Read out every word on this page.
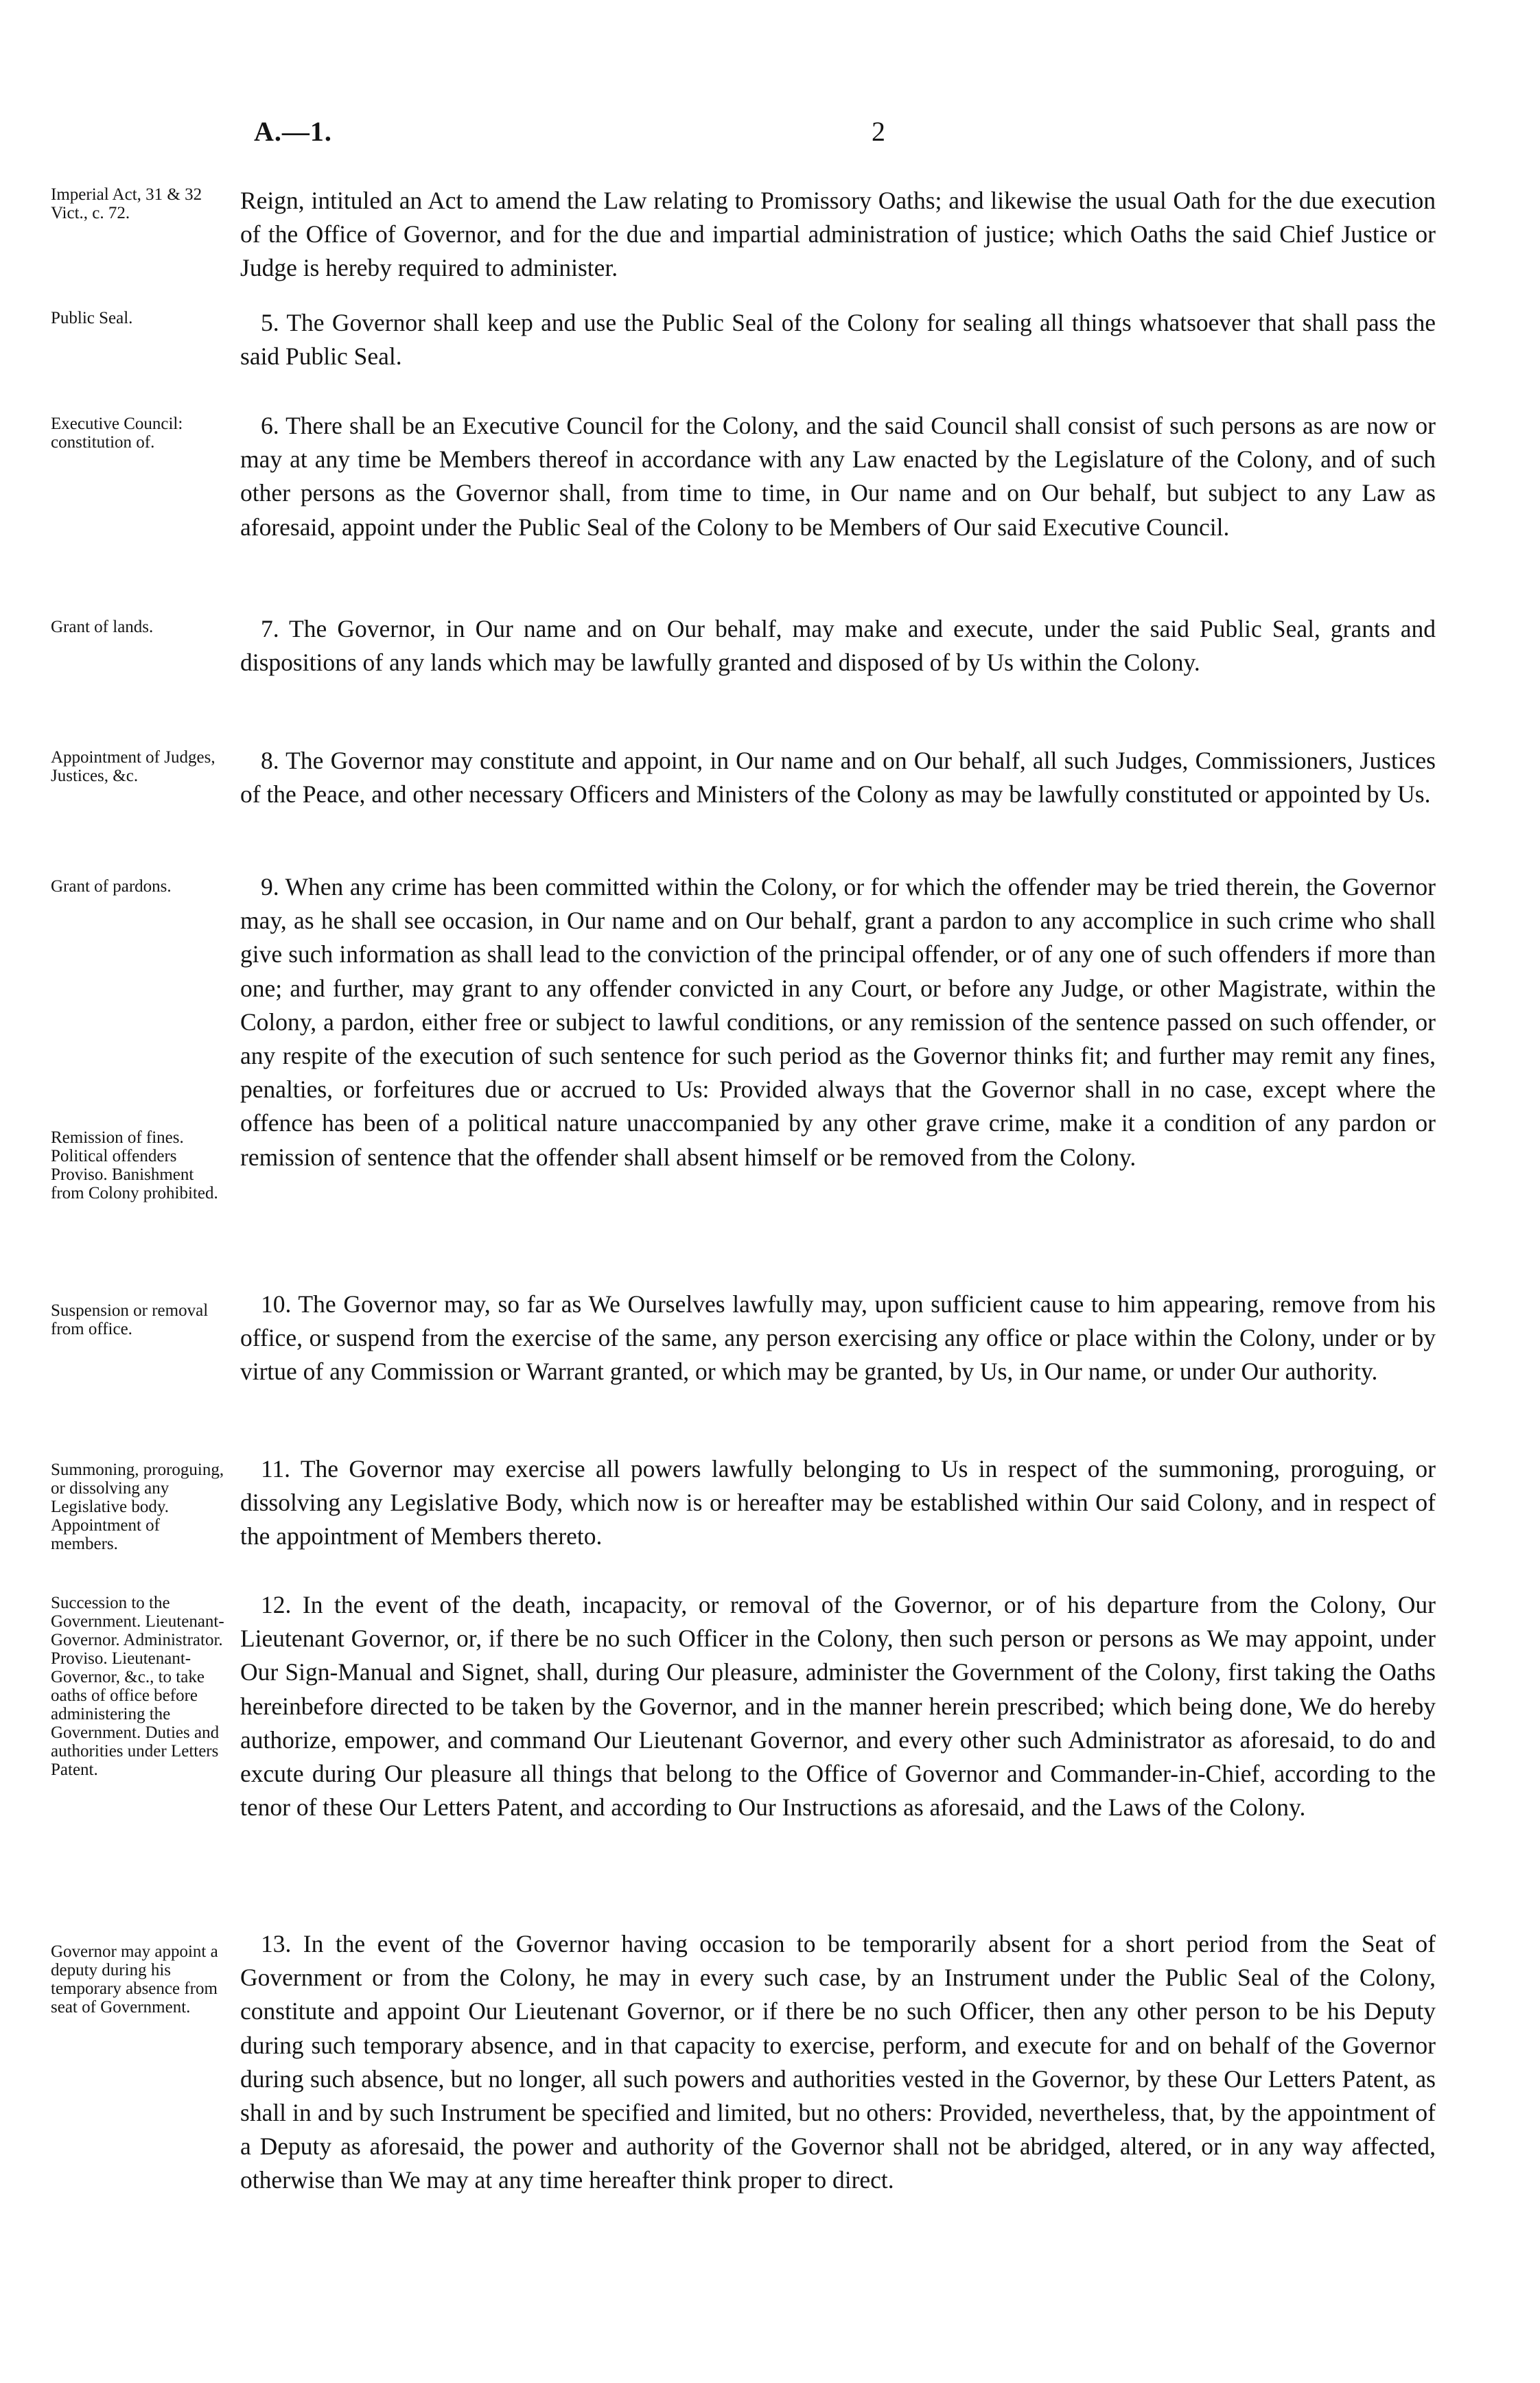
A.—1.	2
Imperial Act, 31 & 32 Vict., c. 72.	Reign, intituled an Act to amend the Law relating to Promissory Oaths; and likewise the usual Oath for the due execution of the Office of Governor, and for the due and impartial administration of justice; which Oaths the said Chief Justice or Judge is hereby required to administer.
Public Seal.	5. The Governor shall keep and use the Public Seal of the Colony for sealing all things whatsoever that shall pass the said Public Seal.
Executive Council: constitution of.
6. There shall be an Executive Council for the Colony, and the said Council shall consist of such persons as are now or may at any time be Members thereof in accordance with any Law enacted by the Legislature of the Colony, and of such other persons as the Governor shall, from time to time, in Our name and on Our behalf, but subject to any Law as aforesaid, appoint under the Public Seal of the Colony to be Members of Our said Executive Council.
Grant of lands.	7. The Governor, in Our name and on Our behalf, may make and execute, under the said Public Seal, grants and dispositions of any lands which may be lawfully granted and disposed of by Us within the Colony.
Appointment of Judges, Justices, &c.
8. The Governor may constitute and appoint, in Our name and on Our behalf, all such Judges, Commissioners, Justices of the Peace, and other necessary Officers and Ministers of the Colony as may be lawfully constituted or appointed by Us.
Grant of pardons.	9. When any crime has been committed within the Colony, or for which the offender may be tried therein, the Governor may, as he shall see occasion, in Our name and on Our behalf, grant a pardon to any accomplice in such crime who shall give such information as shall lead to the conviction of the principal offender, or of any one of such offenders if more than one; and further, may grant to any offender convicted in any Court, or before any Judge, or other Magistrate, within the Colony, a pardon, either free or subject to lawful conditions, or any remission of the sentence passed on such offender, or any respite of the execution of such sentence for such period as the Governor thinks fit; and further may remit any fines, penalties, or forfeitures due or accrued to Us: Provided always that the Governor shall in no case, except where the offence has been of a political nature unaccompanied by any other grave crime, make it a condition of any pardon or remission of sentence that the offender shall absent himself or be removed from the Colony.
Remission of fines. Political offenders Proviso. Banishment from Colony prohibited.
Suspension or removal from office.
10. The Governor may, so far as We Ourselves lawfully may, upon sufficient cause to him appearing, remove from his office, or suspend from the exercise of the same, any person exercising any office or place within the Colony, under or by virtue of any Commission or Warrant granted, or which may be granted, by Us, in Our name, or under Our authority.
Summoning, proroguing, or dissolving any Legislative body. Appointment of members.
11. The Governor may exercise all powers lawfully belonging to Us in respect of the summoning, proroguing, or dissolving any Legislative Body, which now is or hereafter may be established within Our said Colony, and in respect of the appointment of Members thereto.
Succession to the Government. Lieutenant-Governor. Administrator. Proviso. Lieutenant-Governor, &c., to take oaths of office before administering the Government. Duties and authorities under Letters Patent.
12. In the event of the death, incapacity, or removal of the Governor, or of his departure from the Colony, Our Lieutenant Governor, or, if there be no such Officer in the Colony, then such person or persons as We may appoint, under Our Sign-Manual and Signet, shall, during Our pleasure, administer the Government of the Colony, first taking the Oaths hereinbefore directed to be taken by the Governor, and in the manner herein prescribed; which being done, We do hereby authorize, empower, and command Our Lieutenant Governor, and every other such Administrator as aforesaid, to do and excute during Our pleasure all things that belong to the Office of Governor and Commander-in-Chief, according to the tenor of these Our Letters Patent, and according to Our Instructions as aforesaid, and the Laws of the Colony.
Governor may appoint a deputy during his temporary absence from seat of Government.
13. In the event of the Governor having occasion to be temporarily absent for a short period from the Seat of Government or from the Colony, he may in every such case, by an Instrument under the Public Seal of the Colony, constitute and appoint Our Lieutenant Governor, or if there be no such Officer, then any other person to be his Deputy during such temporary absence, and in that capacity to exercise, perform, and execute for and on behalf of the Governor during such absence, but no longer, all such powers and authorities vested in the Governor, by these Our Letters Patent, as shall in and by such Instrument be specified and limited, but no others: Provided, nevertheless, that, by the appointment of a Deputy as aforesaid, the power and authority of the Governor shall not be abridged, altered, or in any way affected, otherwise than We may at any time hereafter think proper to direct.
